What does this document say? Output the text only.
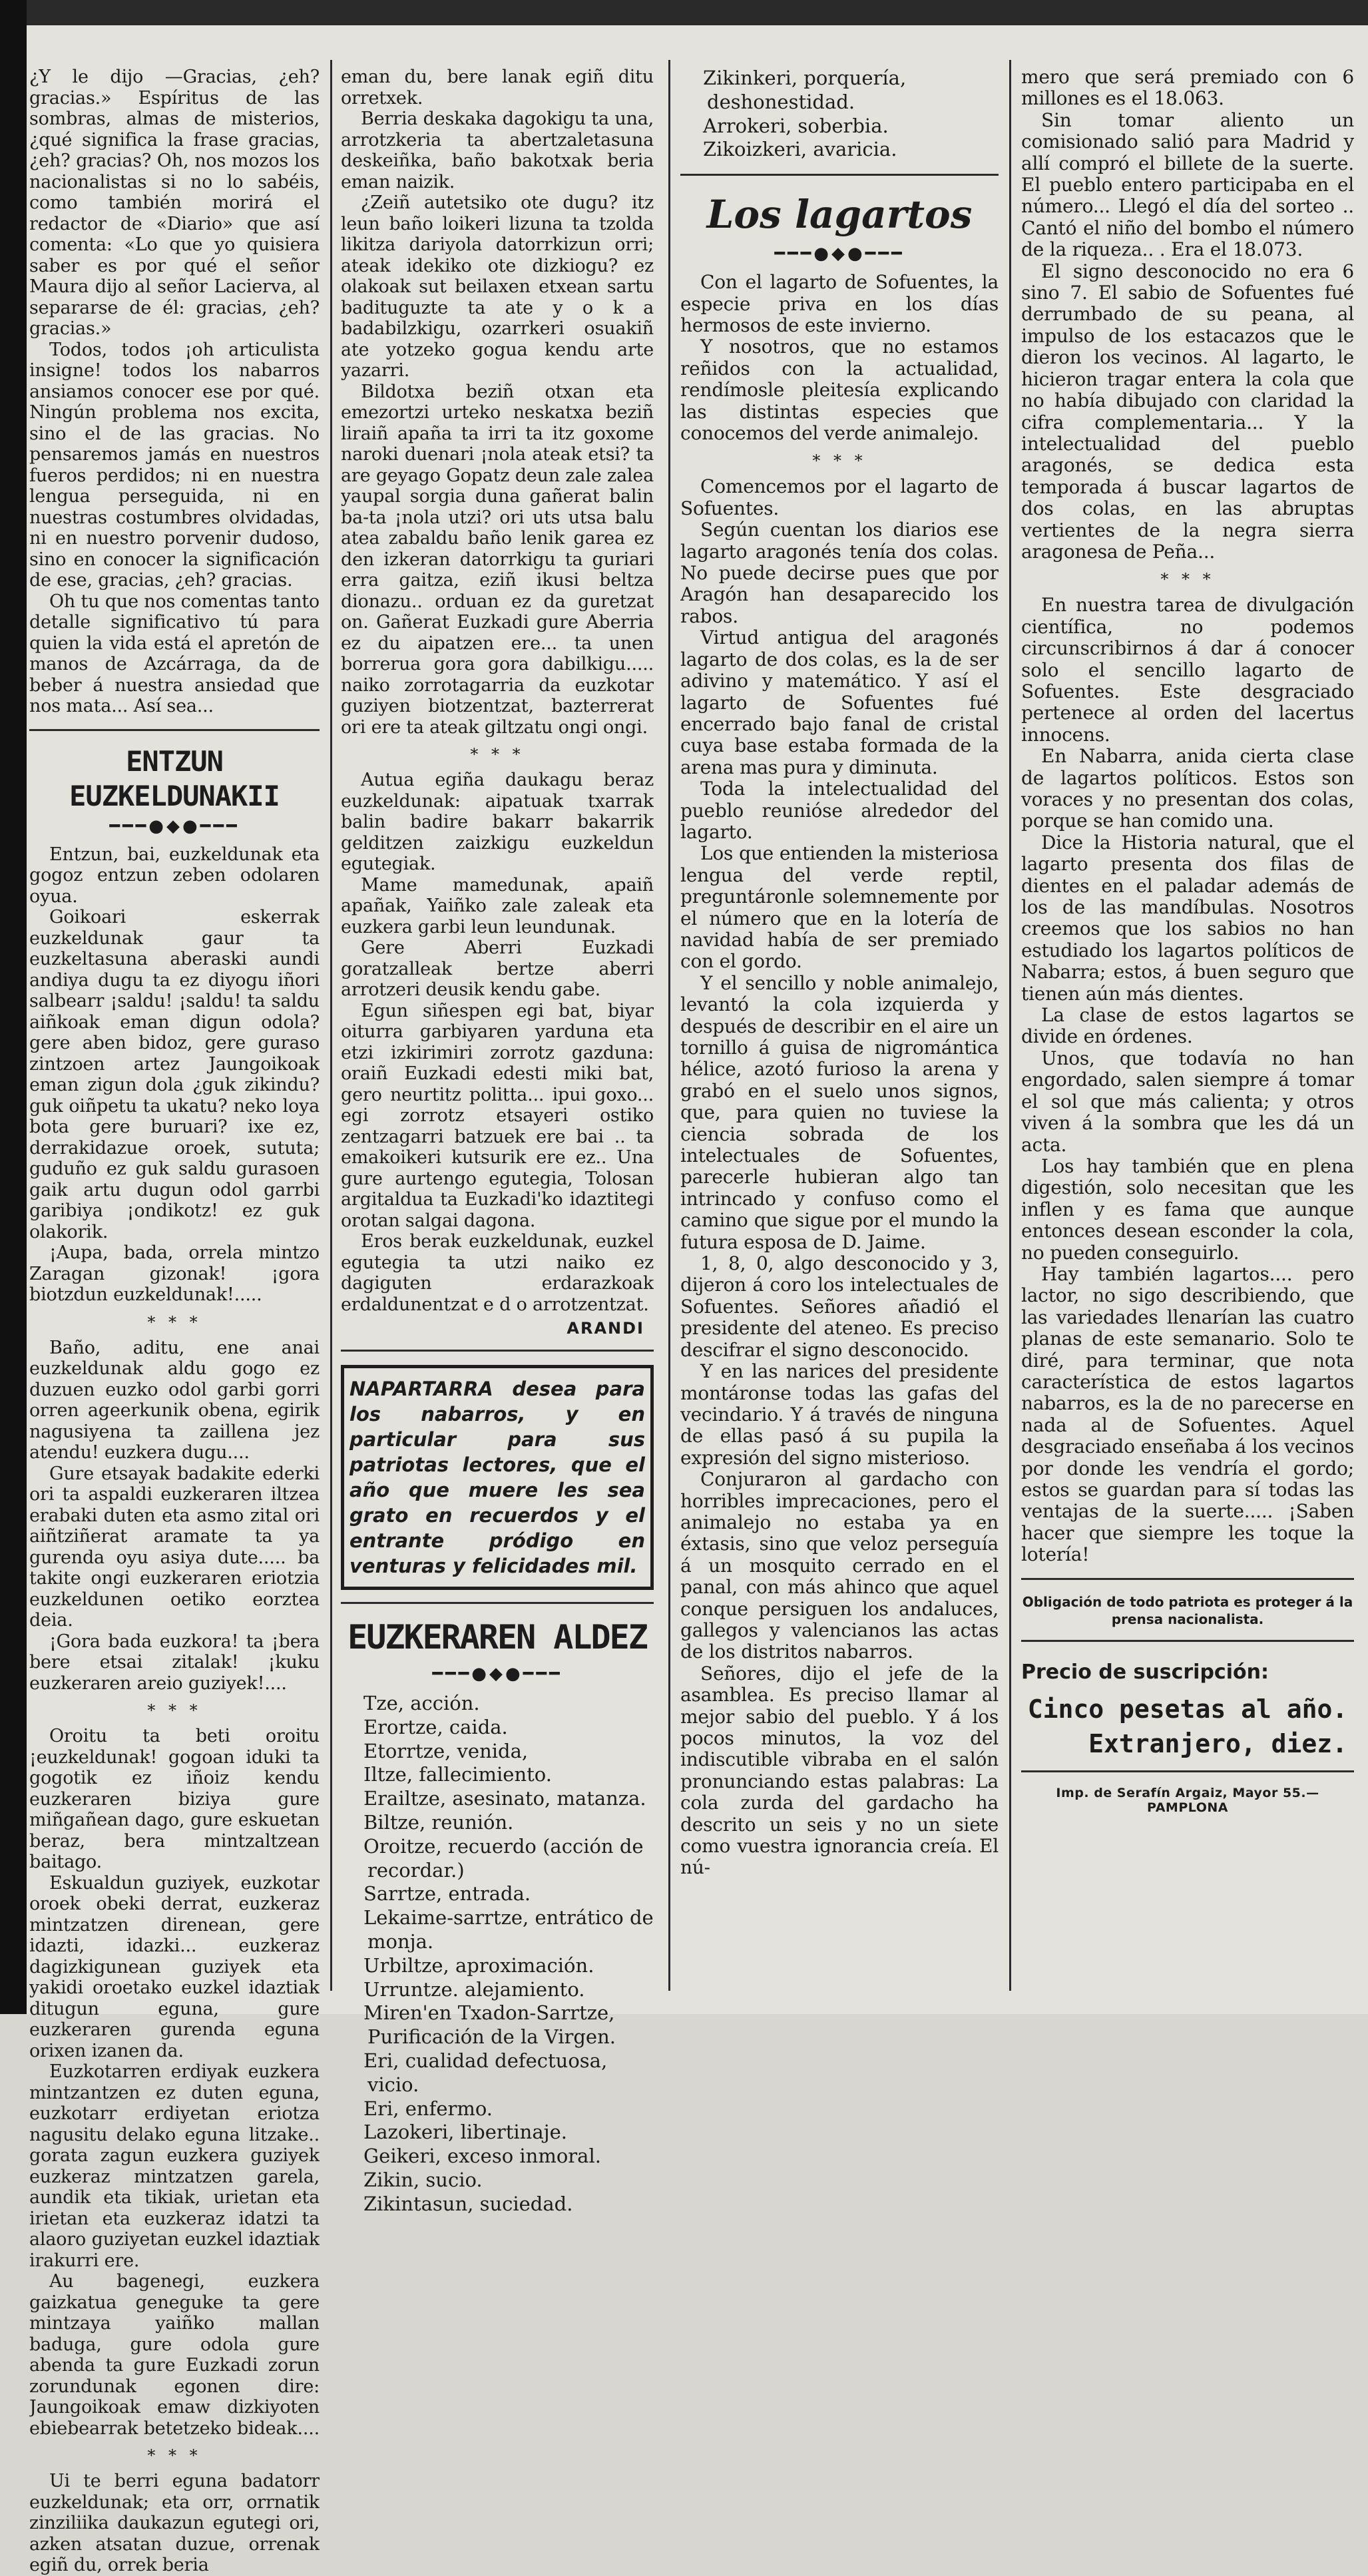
¿Y le dijo —Gracias, ¿eh? gracias.» Espíritus de las sombras, almas de misterios, ¿qué significa la frase gracias, ¿eh? gracias? Oh, nos mozos los nacionalistas si no lo sabéis, como también morirá el redactor de «Diario» que así comenta: «Lo que yo quisiera saber es por qué el señor Maura dijo al señor Lacierva, al separarse de él: gracias, ¿eh? gracias.»

Todos, todos ¡oh articulista insigne! todos los nabarros ansiamos conocer ese por qué. Ningún problema nos excita, sino el de las gracias. No pensaremos jamás en nuestros fueros perdidos; ni en nuestra lengua perseguida, ni en nuestras costumbres olvidadas, ni en nuestro porvenir dudoso, sino en conocer la significación de ese, gracias, ¿eh? gracias.

Oh tu que nos comentas tanto detalle significativo tú para quien la vida está el apretón de manos de Azcárraga, da de beber á nuestra ansiedad que nos mata... Así sea...

ENTZUN EUZKELDUNAKII
━━━●◆●━━━

Entzun, bai, euzkeldunak eta gogoz entzun zeben odolaren oyua.

Goikoari eskerrak euzkeldunak gaur ta euzkeltasuna aberaski aundi andiya dugu ta ez diyogu iñori salbearr ¡saldu! ¡saldu! ta saldu aiñkoak eman digun odola? gere aben bidoz, gere guraso zintzoen artez Jaungoikoak eman zigun dola ¿guk zikindu? guk oiñpetu ta ukatu? neko loya bota gere buruari? ixe ez, derrakidazue oroek, sututa; guduño ez guk saldu gurasoen gaik artu dugun odol garrbi garibiya ¡ondikotz! ez guk olakorik.

¡Aupa, bada, orrela mintzo Zaragan gizonak! ¡gora biotzdun euzkeldunak!.....

* * *

Baño, aditu, ene anai euzkeldunak aldu gogo ez duzuen euzko odol garbi gorri orren ageerkunik obena, egirik nagusiyena ta zaillena jez atendu! euzkera dugu....

Gure etsayak badakite ederki ori ta aspaldi euzkeraren iltzea erabaki duten eta asmo zital ori aiñtziñerat aramate ta ya gurenda oyu asiya dute..... ba takite ongi euzkeraren eriotzia euzkeldunen oetiko eorztea deia.

¡Gora bada euzkora! ta ¡bera bere etsai zitalak! ¡kuku euzkeraren areio guziyek!....

* * *

Oroitu ta beti oroitu ¡euzkeldunak! gogoan iduki ta gogotik ez iñoiz kendu euzkeraren biziya gure miñgañean dago, gure eskuetan beraz, bera mintzaltzean baitago.

Eskualdun guziyek, euzkotar oroek obeki derrat, euzkeraz mintzatzen direnean, gere idazti, idazki... euzkeraz dagizkigunean guziyek eta yakidi oroetako euzkel idaztiak ditugun eguna, gure euzkeraren gurenda eguna orixen izanen da.

Euzkotarren erdiyak euzkera mintzantzen ez duten eguna, euzkotarr erdiyetan eriotza nagusitu delako eguna litzake.. gorata zagun euzkera guziyek euzkeraz mintzatzen garela, aundik eta tikiak, urietan eta irietan eta euzkeraz idatzi ta alaoro guziyetan euzkel idaztiak irakurri ere.

Au bagenegi, euzkera gaizkatua geneguke ta gere mintzaya yaiñko mallan baduga, gure odola gure abenda ta gure Euzkadi zorun zorundunak egonen dire: Jaungoikoak emaw dizkiyoten ebiebearrak betetzeko bideak....

* * *

Ui te berri eguna badatorr euzkeldunak; eta orr, orrnatik zinziliika daukazun egutegi ori, azken atsatan duzue, orrenak egiñ du, orrek beria

eman du, bere lanak egiñ ditu orretxek.

Berria deskaka dagokigu ta una, arrotzkeria ta abertzaletasuna deskeiñka, baño bakotxak beria eman naizik.

¿Zeiñ autetsiko ote dugu? itz leun baño loikeri lizuna ta tzolda likitza dariyola datorrkizun orri; ateak idekiko ote dizkiogu? ez olakoak sut beilaxen etxean sartu badituguzte ta ate y o k a badabilzkigu, ozarrkeri osuakiñ ate yotzeko gogua kendu arte yazarri.

Bildotxa beziñ otxan eta emezortzi urteko neskatxa beziñ liraiñ apaña ta irri ta itz goxome naroki duenari ¡nola ateak etsi? ta are geyago Gopatz deun zale zalea yaupal sorgia duna gañerat balin ba-ta ¡nola utzi? ori uts utsa balu atea zabaldu baño lenik garea ez den izkeran datorrkigu ta guriari erra gaitza, eziñ ikusi beltza dionazu.. orduan ez da guretzat on. Gañerat Euzkadi gure Aberria ez du aipatzen ere... ta unen borrerua gora gora dabilkigu..... naiko zorrotagarria da euzkotar guziyen biotzentzat, bazterrerat ori ere ta ateak giltzatu ongi ongi.

* * *

Autua egiña daukagu beraz euzkeldunak: aipatuak txarrak balin badire bakarr bakarrik gelditzen zaizkigu euzkeldun egutegiak.

Mame mamedunak, apaiñ apañak, Yaiñko zale zaleak eta euzkera garbi leun leundunak.

Gere Aberri Euzkadi goratzalleak bertze aberri arrotzeri deusik kendu gabe.

Egun siñespen egi bat, biyar oiturra garbiyaren yarduna eta etzi izkirimiri zorrotz gazduna: oraiñ Euzkadi edesti miki bat, gero neurtitz politta... ipui goxo... egi zorrotz etsayeri ostiko zentzagarri batzuek ere bai .. ta emakoikeri kutsurik ere ez.. Una gure aurtengo egutegia, Tolosan argitaldua ta Euzkadi'ko idaztitegi orotan salgai dagona.

Eros berak euzkeldunak, euzkel egutegia ta utzi naiko ez dagiguten erdarazkoak erdaldunentzat e d o arrotzentzat.

ARANDI

NAPARTARRA desea para los nabarros, y en particular para sus patriotas lectores, que el año que muere les sea grato en recuerdos y el entrante pródigo en venturas y felicidades mil.

EUZKERAREN ALDEZ
━━━●◆●━━━

Tze, acción.

Erortze, caida.

Etorrtze, venida,

Iltze, fallecimiento.

Erailtze, asesinato, matanza.

Biltze, reunión.

Oroitze, recuerdo (acción de recordar.)

Sarrtze, entrada.

Lekaime-sarrtze, entrático de monja.

Urbiltze, aproximación.

Urruntze. alejamiento.

Miren'en Txadon-Sarrtze, Purificación de la Virgen.

Eri, cualidad defectuosa, vicio.

Eri, enfermo.

Lazokeri, libertinaje.

Geikeri, exceso inmoral.

Zikin, sucio.

Zikintasun, suciedad.

Zikinkeri, porquería, deshonestidad.

Arrokeri, soberbia.

Zikoizkeri, avaricia.

Los lagartos
━━━●◆●━━━

Con el lagarto de Sofuentes, la especie priva en los días hermosos de este invierno.

Y nosotros, que no estamos reñidos con la actualidad, rendímosle pleitesía explicando las distintas especies que conocemos del verde animalejo.

* * *

Comencemos por el lagarto de Sofuentes.

Según cuentan los diarios ese lagarto aragonés tenía dos colas. No puede decirse pues que por Aragón han desaparecido los rabos.

Virtud antigua del aragonés lagarto de dos colas, es la de ser adivino y matemático. Y así el lagarto de Sofuentes fué encerrado bajo fanal de cristal cuya base estaba formada de la arena mas pura y diminuta.

Toda la intelectualidad del pueblo reunióse alrededor del lagarto.

Los que entienden la misteriosa lengua del verde reptil, preguntáronle solemnemente por el número que en la lotería de navidad había de ser premiado con el gordo.

Y el sencillo y noble animalejo, levantó la cola izquierda y después de describir en el aire un tornillo á guisa de nigromántica hélice, azotó furioso la arena y grabó en el suelo unos signos, que, para quien no tuviese la ciencia sobrada de los intelectuales de Sofuentes, parecerle hubieran algo tan intrincado y confuso como el camino que sigue por el mundo la futura esposa de D. Jaime.

1, 8, 0, algo desconocido y 3, dijeron á coro los intelectuales de Sofuentes. Señores añadió el presidente del ateneo. Es preciso descifrar el signo desconocido.

Y en las narices del presidente montáronse todas las gafas del vecindario. Y á través de ninguna de ellas pasó á su pupila la expresión del signo misterioso.

Conjuraron al gardacho con horribles imprecaciones, pero el animalejo no estaba ya en éxtasis, sino que veloz perseguía á un mosquito cerrado en el panal, con más ahinco que aquel conque persiguen los andaluces, gallegos y valencianos las actas de los distritos nabarros.

Señores, dijo el jefe de la asamblea. Es preciso llamar al mejor sabio del pueblo. Y á los pocos minutos, la voz del indiscutible vibraba en el salón pronunciando estas palabras: La cola zurda del gardacho ha descrito un seis y no un siete como vuestra ignorancia creía. El nú-

mero que será premiado con 6 millones es el 18.063.

Sin tomar aliento un comisionado salió para Madrid y allí compró el billete de la suerte. El pueblo entero participaba en el número... Llegó el día del sorteo .. Cantó el niño del bombo el número de la riqueza.. . Era el 18.073.

El signo desconocido no era 6 sino 7. El sabio de Sofuentes fué derrumbado de su peana, al impulso de los estacazos que le dieron los vecinos. Al lagarto, le hicieron tragar entera la cola que no había dibujado con claridad la cifra complementaria... Y la intelectualidad del pueblo aragonés, se dedica esta temporada á buscar lagartos de dos colas, en las abruptas vertientes de la negra sierra aragonesa de Peña...

* * *

En nuestra tarea de divulgación científica, no podemos circunscribirnos á dar á conocer solo el sencillo lagarto de Sofuentes. Este desgraciado pertenece al orden del lacertus innocens.

En Nabarra, anida cierta clase de lagartos políticos. Estos son voraces y no presentan dos colas, porque se han comido una.

Dice la Historia natural, que el lagarto presenta dos filas de dientes en el paladar además de los de las mandíbulas. Nosotros creemos que los sabios no han estudiado los lagartos políticos de Nabarra; estos, á buen seguro que tienen aún más dientes.

La clase de estos lagartos se divide en órdenes.

Unos, que todavía no han engordado, salen siempre á tomar el sol que más calienta; y otros viven á la sombra que les dá un acta.

Los hay también que en plena digestión, solo necesitan que les inflen y es fama que aunque entonces desean esconder la cola, no pueden conseguirlo.

Hay también lagartos.... pero lactor, no sigo describiendo, que las variedades llenarían las cuatro planas de este semanario. Solo te diré, para terminar, que nota característica de estos lagartos nabarros, es la de no parecerse en nada al de Sofuentes. Aquel desgraciado enseñaba á los vecinos por donde les vendría el gordo; estos se guardan para sí todas las ventajas de la suerte..... ¡Saben hacer que siempre les toque la lotería!

Obligación de todo patriota es proteger á la prensa nacionalista.
Precio de suscripción:
Cinco pesetas al año.
Extranjero, diez.
Imp. de Serafín Argaiz, Mayor 55.—PAMPLONA
